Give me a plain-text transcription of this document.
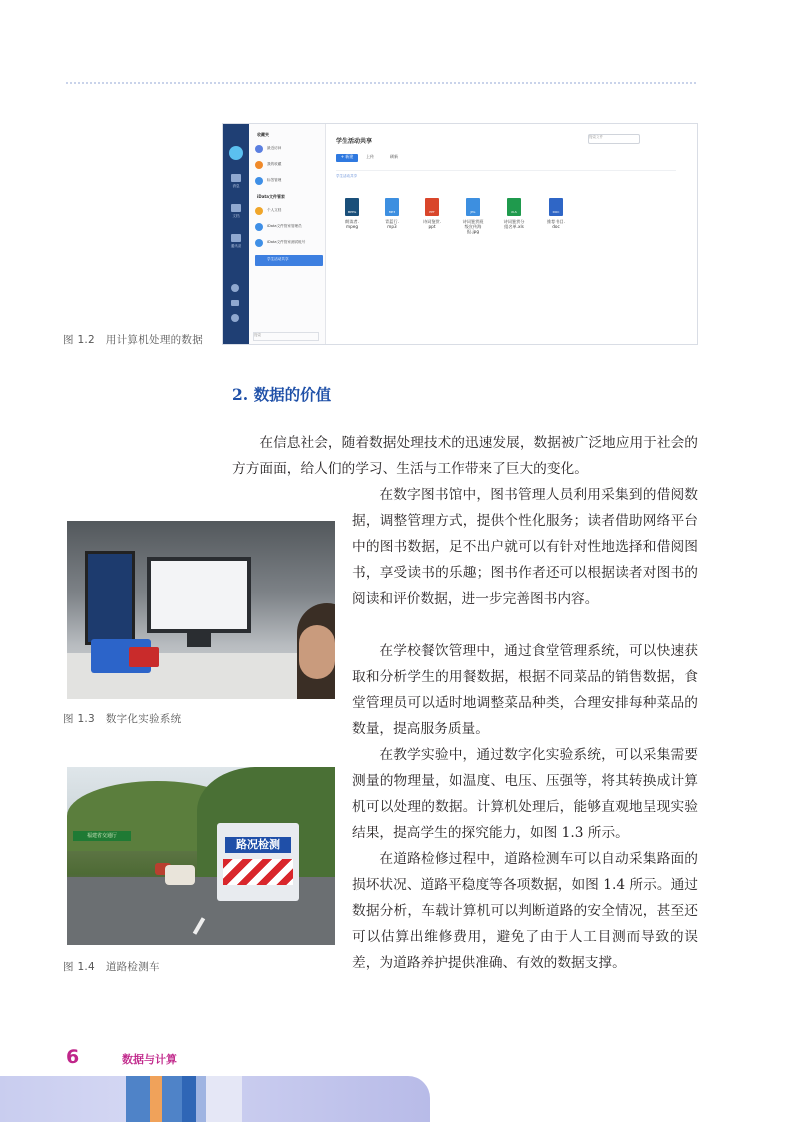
消息
文档
通讯录
收藏夹
最近访问
我的收藏
标签管理
iData文件管家
个人文档
iData文件管家管理员
iData文件管家测试帐号
学生活动共享
搜索
学生活动共享
搜索文件
+ 新建	上传	刷新
学生活动共享
MPEG
朗读者.
mpeg
MP3
青蓝行.
mp3
PPT
诗词鉴赏.
ppt
JPG
诗词鉴赏班
级宣传海
报.jpg
XLS
诗词鉴赏分
组名单.xls
DOC
推荐书目.
doc
图 1.2　用计算机处理的数据
2. 数据的价值
在信息社会，随着数据处理技术的迅速发展，数据被广泛地应用于社会的方方面面，给人们的学习、生活与工作带来了巨大的变化。
在数字图书馆中，图书管理人员利用采集到的借阅数据，调整管理方式，提供个性化服务；读者借助网络平台中的图书数据，足不出户就可以有针对性地选择和借阅图书，享受读书的乐趣；图书作者还可以根据读者对图书的阅读和评价数据，进一步完善图书内容。
在学校餐饮管理中，通过食堂管理系统，可以快速获取和分析学生的用餐数据，根据不同菜品的销售数据，食堂管理员可以适时地调整菜品种类，合理安排每种菜品的数量，提高服务质量。
在教学实验中，通过数字化实验系统，可以采集需要测量的物理量，如温度、电压、压强等，将其转换成计算机可以处理的数据。计算机处理后，能够直观地呈现实验结果，提高学生的探究能力，如图 1.3 所示。
在道路检修过程中，道路检测车可以自动采集路面的损坏状况、道路平稳度等各项数据，如图 1.4 所示。通过数据分析，车载计算机可以判断道路的安全情况，甚至还可以估算出维修费用，避免了由于人工目测而导致的误差，为道路养护提供准确、有效的数据支撑。
图 1.3　数字化实验系统
福建省交通厅
路况检测
图 1.4　道路检测车
6	数据与计算
